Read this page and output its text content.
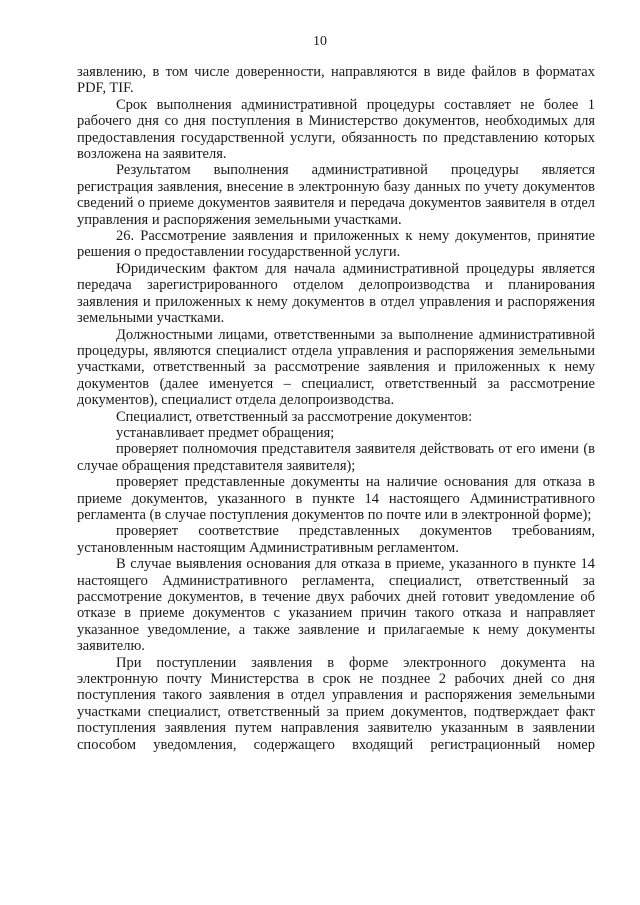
10

заявлению, в том числе доверенности, направляются в виде файлов в форматах PDF, TIF.

Срок выполнения административной процедуры составляет не более 1 рабочего дня со дня поступления в Министерство документов, необходимых для предоставления государственной услуги, обязанность по представлению которых возложена на заявителя.

Результатом выполнения административной процедуры является регистрация заявления, внесение в электронную базу данных по учету документов сведений о приеме документов заявителя и передача документов заявителя в отдел управления и распоряжения земельными участками.

26. Рассмотрение заявления и приложенных к нему документов, принятие решения о предоставлении государственной услуги.

Юридическим фактом для начала административной процедуры является передача зарегистрированного отделом делопроизводства и планирования заявления и приложенных к нему документов в отдел управления и распоряжения земельными участками.

Должностными лицами, ответственными за выполнение административной процедуры, являются специалист отдела управления и распоряжения земельными участками, ответственный за рассмотрение заявления и приложенных к нему документов (далее именуется – специалист, ответственный за рассмотрение документов), специалист отдела делопроизводства.

Специалист, ответственный за рассмотрение документов:

устанавливает предмет обращения;

проверяет полномочия представителя заявителя действовать от его имени (в случае обращения представителя заявителя);

проверяет представленные документы на наличие основания для отказа в приеме документов, указанного в пункте 14 настоящего Административного регламента (в случае поступления документов по почте или в электронной форме);

проверяет соответствие представленных документов требованиям, установленным настоящим Административным регламентом.

В случае выявления основания для отказа в приеме, указанного в пункте 14 настоящего Административного регламента, специалист, ответственный за рассмотрение документов, в течение двух рабочих дней готовит уведомление об отказе в приеме документов с указанием причин такого отказа и направляет указанное уведомление, а также заявление и прилагаемые к нему документы заявителю.

При поступлении заявления в форме электронного документа на электронную почту Министерства в срок не позднее 2 рабочих дней со дня поступления такого заявления в отдел управления и распоряжения земельными участками специалист, ответственный за прием документов, подтверждает факт поступления заявления путем направления заявителю указанным в заявлении способом уведомления, содержащего входящий регистрационный номер
